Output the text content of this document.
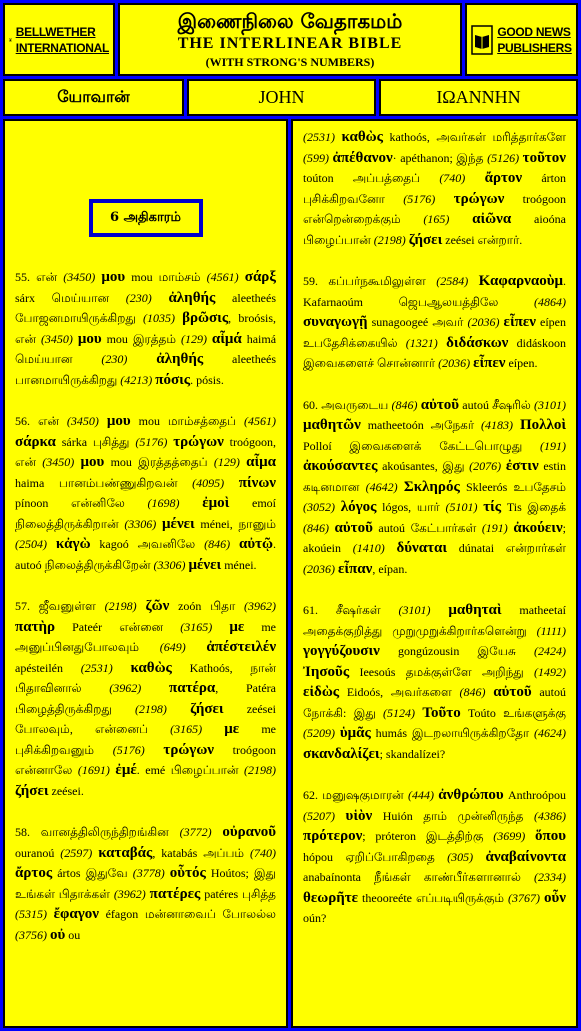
BELLWETHER
INTERNATIONAL
இணைநிலை வேதாகமம்
THE INTERLINEAR BIBLE
(WITH STRONG'S NUMBERS)
GOOD NEWS
PUBLISHERS
யோவான்	JOHN	IΩANNHN
6 அதிகாரம்

55. என் (3450) μου mou மாம்சம் (4561) σάρξ sárx மெய்யான (230) ἀληθής aleetheés போஜனமாயிருக்கிறது (1035) βρῶσις, broósis, என் (3450) μου mou இரத்தம் (129) αἷμά haimá மெய்யான (230) ἀληθής aleetheés பானமாயிருக்கிறது (4213) πόσις. pósis.

56. என் (3450) μου mou மாம்சத்தைப் (4561) σάρκα sárka புசித்து (5176) τρώγων troógoon, என் (3450) μου mou இரத்தத்தைப் (129) αἷμα haima பானம்பண்ணுகிறவன் (4095) πίνων pínoon என்னிலே (1698) ἐμοὶ emoí நிலைத்திருக்கிறான் (3306) μένει ménei, நானும் (2504) κἀγὼ kagoó அவனிலே (846) αὐτῷ. autoó நிலைத்திருக்கிறேன் (3306) μένει ménei.

57. ஜீவனுள்ள (2198) ζῶν zoón பிதா (3962) πατὴρ Pateér என்னை (3165) με me அனுப்பினதுபோலவும் (649) ἀπέστειλέν apésteilén (2531) καθὼς Kathoós, நான் பிதாவினால் (3962) πατέρα, Patéra பிழைத்திருக்கிறது (2198) ζήσει zeései போலவும், என்னைப் (3165) με me புசிக்கிறவனும் (5176) τρώγων troógoon என்னாலே (1691) ἐμέ. emé பிழைப்பான் (2198) ζήσει zeései.

58. வானத்திலிருந்திறங்கின (3772) οὐρανοῦ ouranoú (2597) καταβάς, katabás அப்பம் (740) ἄρτος ártos இதுவே (3778) οὗτός Hoútos; இது உங்கள் பிதாக்கள் (3962) πατέρες patéres புசித்த (5315) ἔφαγον éfagon மன்னாவைப் போலல்ல (3756) οὐ ou

(2531) καθὼς kathoós, அவர்கள் மரித்தார்களே (599) ἀπέθανον· apéthanon; இந்த (5126) τοῦτον toúton அப்பத்தைப் (740) ἄρτον árton புசிக்கிறவனோ (5176) τρώγων troógoon என்றென்றைக்கும் (165) αἰῶνα aioóna பிழைப்பான் (2198) ζήσει zeései என்றார்.

59. கப்பர்நகூமிலுள்ள (2584) Καφαρναοὺμ. Kafarnaoúm ஜெபஆலயத்திலே (4864) συναγωγῇ sunagoogeé அவர் (2036) εἶπεν eípen உபதேசிக்கையில் (1321) διδάσκων didáskoon இவைகளைச் சொன்னார் (2036) εἶπεν eípen.

60. அவருடைய (846) αὐτοῦ autoú சீஷரில் (3101) μαθητῶν matheetoón அநேகர் (4183) Πολλοὶ Polloí இவைகளைக் கேட்டபொழுது (191) ἀκούσαντες akoúsantes, இது (2076) ἐστιν estin கடினமான (4642) Σκληρός Skleerós உபதேசம் (3052) λόγος lógos, யார் (5101) τίς Tis இதைக் (846) αὐτοῦ autoú கேட்பார்கள் (191) ἀκούειν; akoúein (1410) δύναται dúnatai என்றார்கள் (2036) εἶπαν, eípan.

61. சீஷர்கள் (3101) μαθηταὶ matheetaí அதைக்குறித்து முறுமுறுக்கிறார்களென்று (1111) γογγύζουσιν gongúzousin இயேசு (2424) Ἰησοῦς Ieesoús தமக்குள்ளே அறிந்து (1492) εἰδὼς Eidoós, அவர்களை (846) αὐτοῦ autoú நோக்கி: இது (5124) Τοῦτο Toúto உங்களுக்கு (5209) ὑμᾶς humás இடறலாயிருக்கிறதோ (4624) σκανδαλίζει; skandalízei?

62. மனுஷகுமாரன் (444) ἀνθρώπου Anthroópou (5207) υἱὸν Huión தாம் முன்னிருந்த (4386) πρότερον; próteron இடத்திற்கு (3699) ὅπου hópou ஏறிப்போகிறதை (305) ἀναβαίνοντα anabaínonta நீங்கள் காண்பீர்களானால் (2334) θεωρῆτε theooreéte எப்படியிருக்கும் (3767) οὖν oún?
